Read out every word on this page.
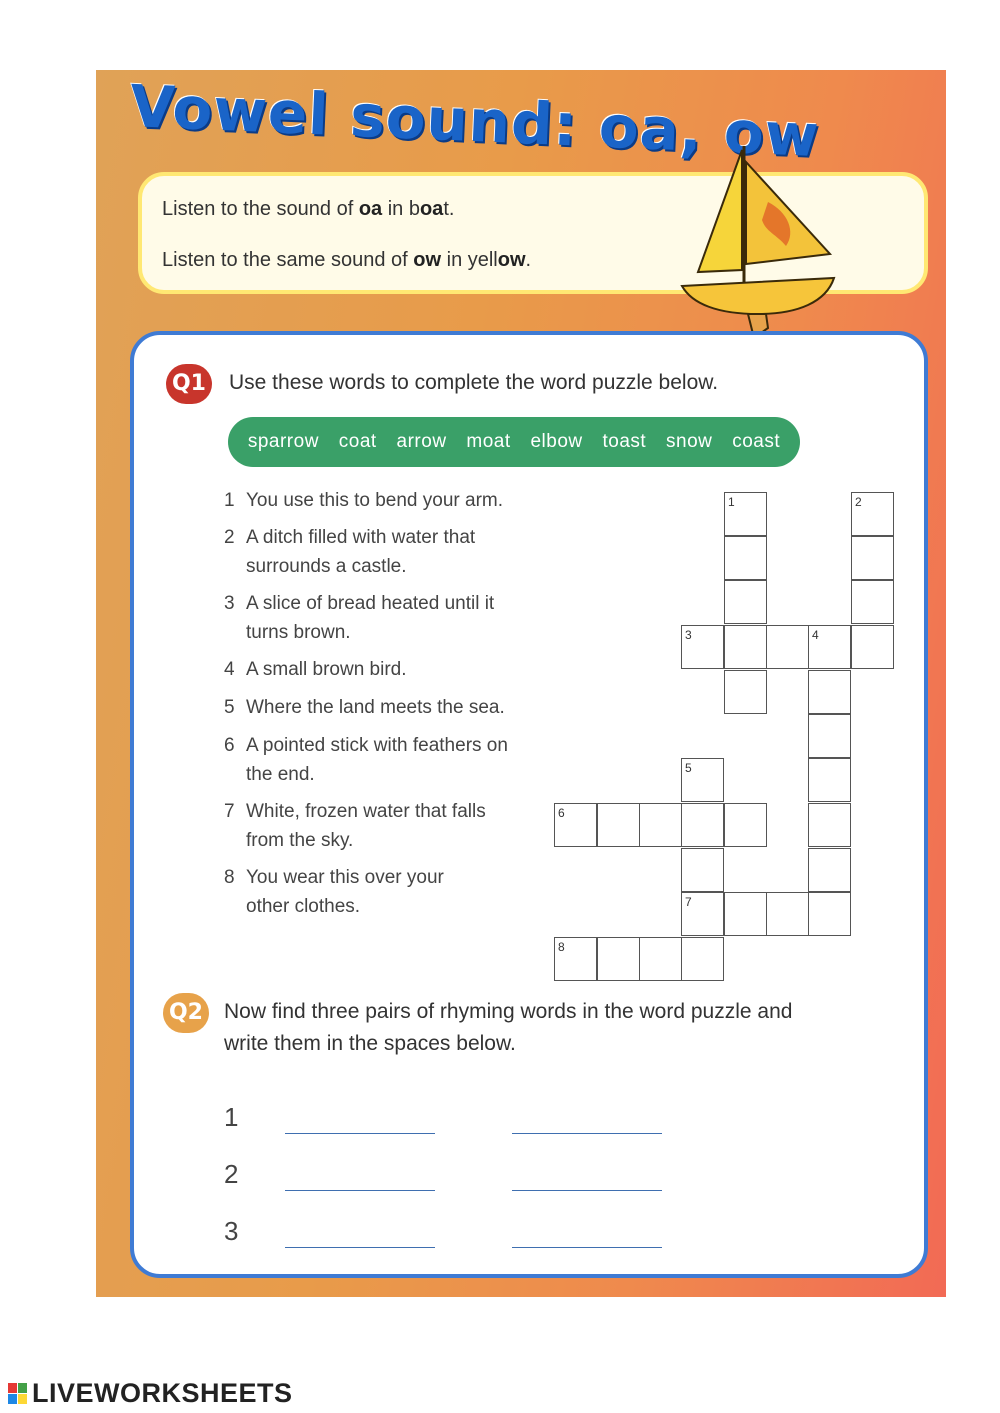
Vowel sound: oa, ow

Listen to the sound of oa in boat.

Listen to the same sound of ow in yellow.

Q1 Use these words to complete the word puzzle below.

sparrow coat arrow moat elbow toast snow coast
1 You use this to bend your arm.
2 A ditch filled with water that surrounds a castle.
3 A slice of bread heated until it turns brown.
4 A small brown bird.
5 Where the land meets the sea.
6 A pointed stick with feathers on the end.
7 White, frozen water that falls from the sky.
8 You wear this over your other clothes.
1	2
3	4
5
7
6
8
Q2 Now find three pairs of rhyming words in the word puzzle and

write them in the spaces below.

1
2
3
LIVEWORKSHEETS
